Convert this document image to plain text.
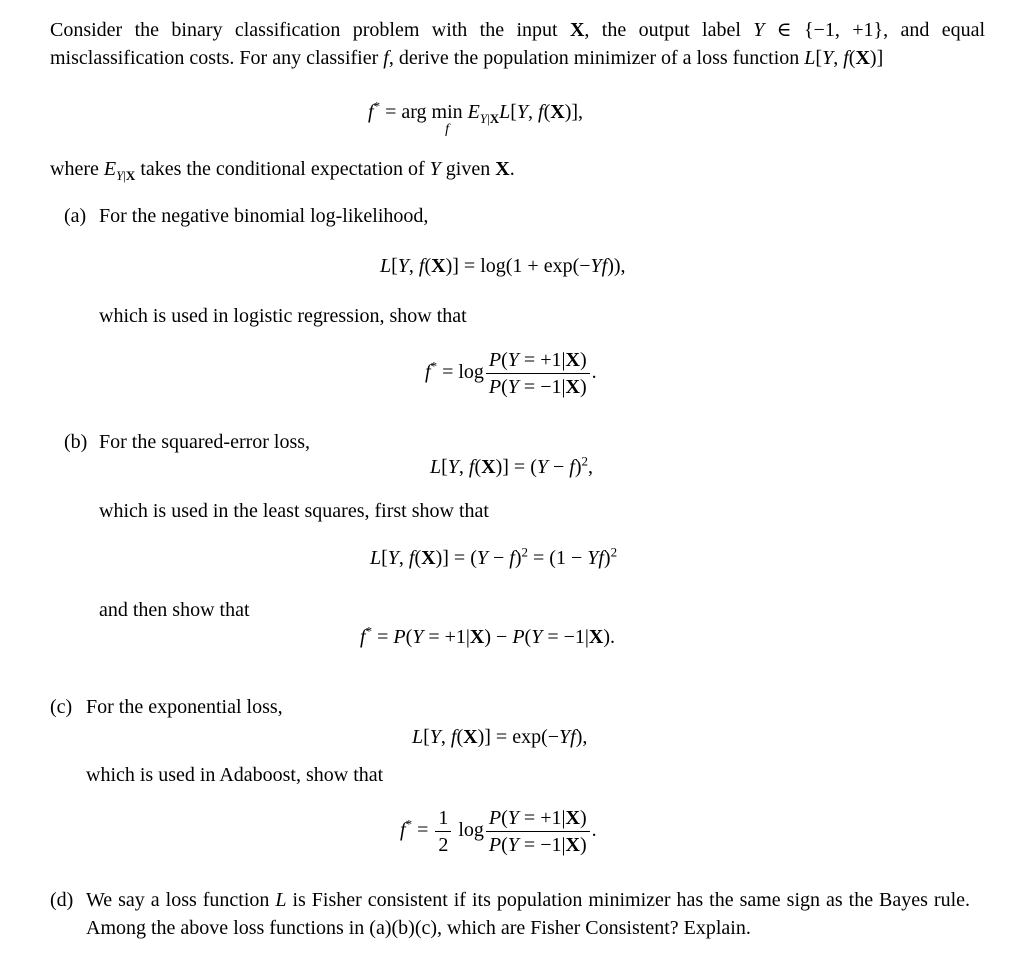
Consider the binary classification problem with the input X, the output label Y ∈ {−1, +1}, and equal misclassification costs. For any classifier f, derive the population minimizer of a loss function L[Y, f(X)]
f* = arg min
f
$E_{Y|X}L[Y$, f(X)],
where $E_{Y|X}$ takes the conditional expectation of Y given X.
(a) For the negative binomial log-likelihood,
L[Y, f(X)] = log(1 + exp(−Yf)),
which is used in logistic regression, show that
$f^* = \log \frac{P(Y = +1|X)}{P(Y = -1|X)}$ .
(b) For the squared-error loss,
L[Y, $f(X)] = (Y - f)^2$,
which is used in the least squares, first show that
L[Y, $f(X)] = (Y - f)^2 = (1 - Yf)^2$
and then show that
f* = P(Y = +1|X) − P(Y = −1|X).
(c) For the exponential loss,
L[Y, f(X)] = exp(−Yf),
which is used in Adaboost, show that
$f^* = \frac{1}{2}$ $\log \frac{P(Y = +1|X)}{P(Y = -1|X)}$ .
(d) We say a loss function L is Fisher consistent if its population minimizer has the same sign as the Bayes rule. Among the above loss functions in (a)(b)(c), which are Fisher Consistent? Explain.
